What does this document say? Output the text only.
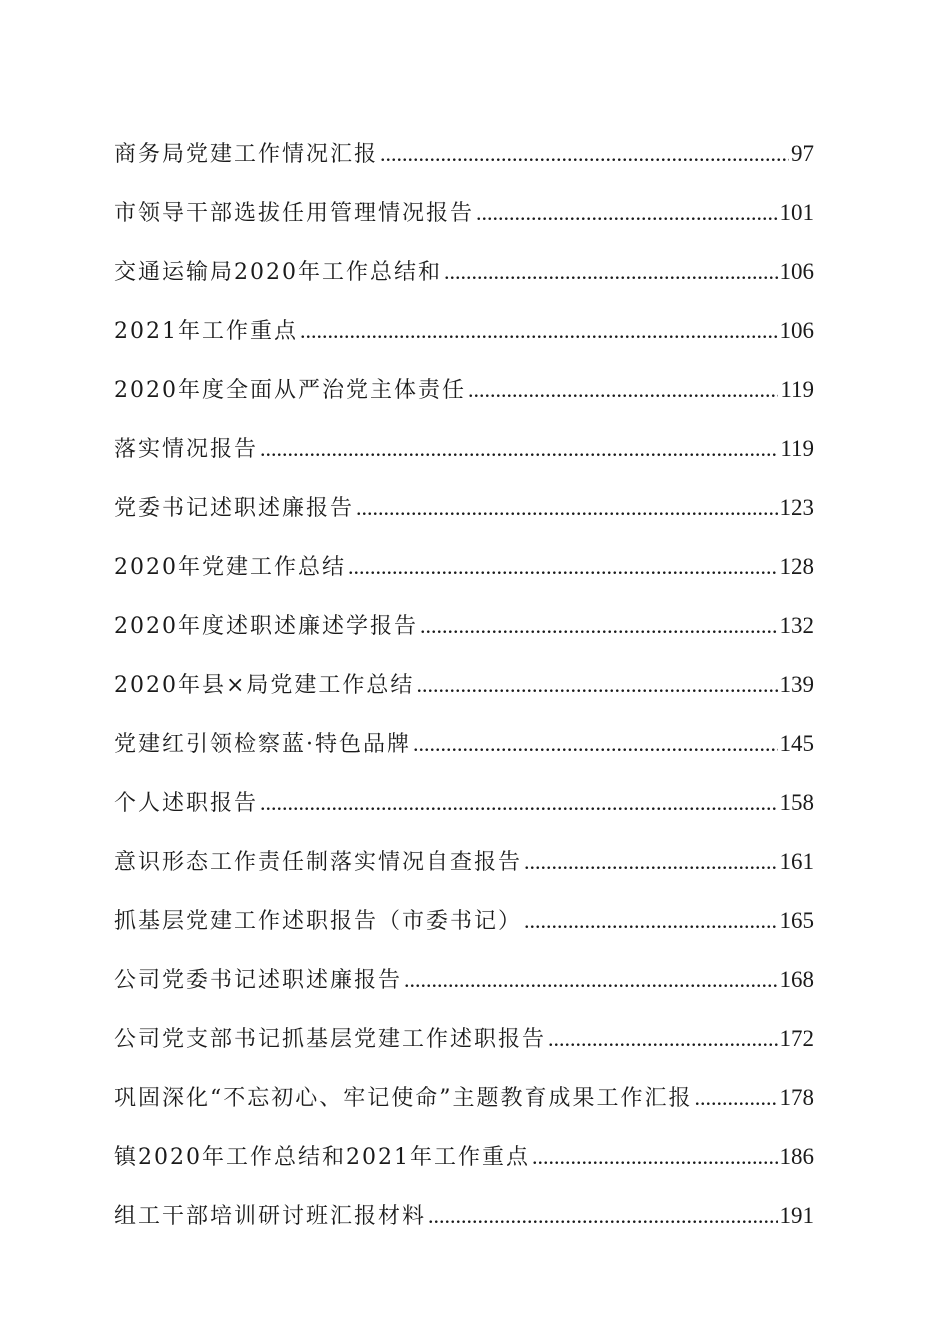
商务局党建工作情况汇报 .....	97
市领导干部选拔任用管理情况报告 .....	101
交通运输局2020年工作总结和 .....	106
2021年工作重点 .....	106
2020年度全面从严治党主体责任 .....	119
落实情况报告 .....	119
党委书记述职述廉报告 .....	123
2020年党建工作总结 .....	128
2020年度述职述廉述学报告 .....	132
2020年县×局党建工作总结 .....	139
党建红引领检察蓝·特色品牌 .....	145
个人述职报告 .....	158
意识形态工作责任制落实情况自查报告 .....	161
抓基层党建工作述职报告（市委书记） .....	165
公司党委书记述职述廉报告 .....	168
公司党支部书记抓基层党建工作述职报告 .....	172
巩固深化“不忘初心、牢记使命”主题教育成果工作汇报 .....	178
镇2020年工作总结和2021年工作重点 .....	186
组工干部培训研讨班汇报材料 .....	191
